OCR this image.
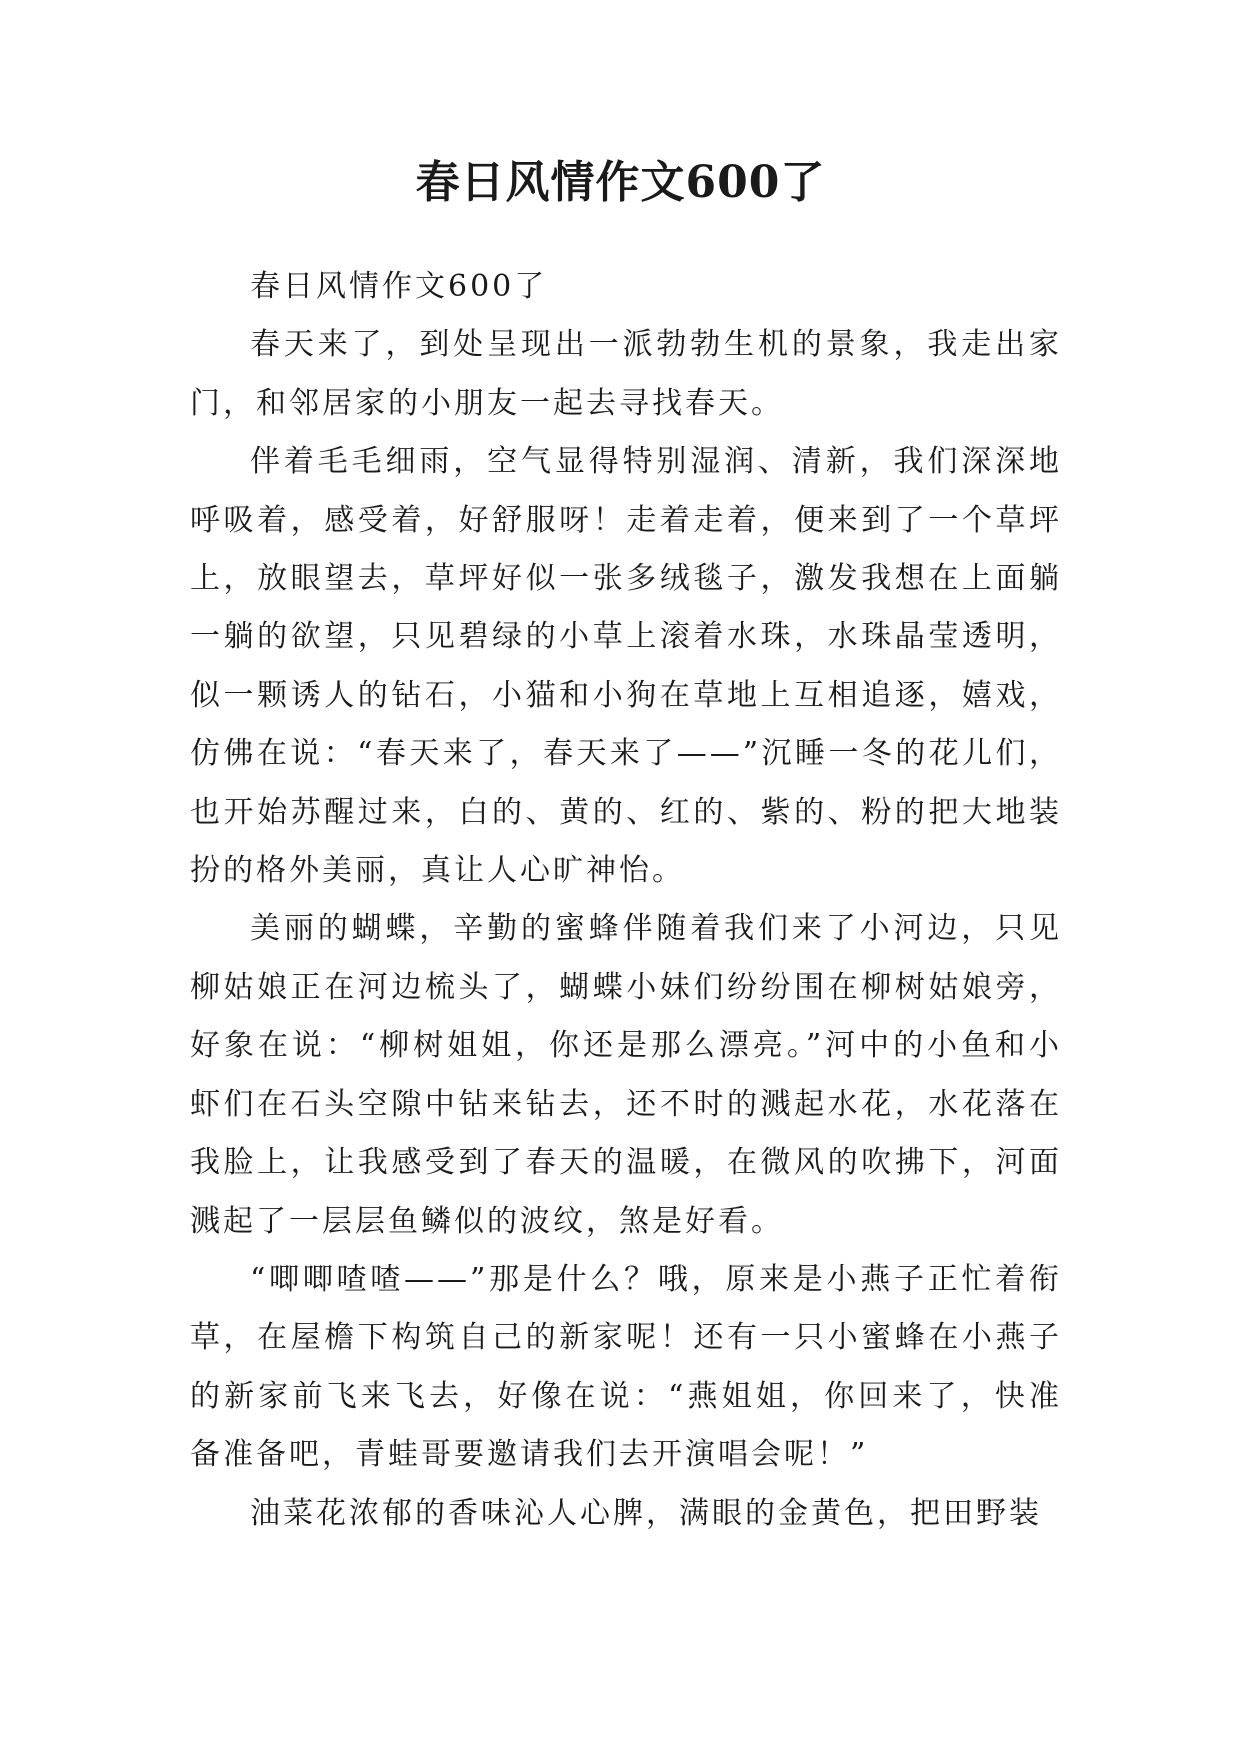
春日风情作文600了

春日风情作文600了

春天来了，到处呈现出一派勃勃生机的景象，我走出家门，和邻居家的小朋友一起去寻找春天。

伴着毛毛细雨，空气显得特别湿润、清新，我们深深地呼吸着，感受着，好舒服呀！走着走着，便来到了一个草坪上，放眼望去，草坪好似一张多绒毯子，激发我想在上面躺一躺的欲望，只见碧绿的小草上滚着水珠，水珠晶莹透明，似一颗诱人的钻石，小猫和小狗在草地上互相追逐，嬉戏，仿佛在说：“春天来了，春天来了——”沉睡一冬的花儿们，也开始苏醒过来，白的、黄的、红的、紫的、粉的把大地装扮的格外美丽，真让人心旷神怡。

美丽的蝴蝶，辛勤的蜜蜂伴随着我们来了小河边，只见柳姑娘正在河边梳头了，蝴蝶小妹们纷纷围在柳树姑娘旁，好象在说：“柳树姐姐，你还是那么漂亮。”河中的小鱼和小虾们在石头空隙中钻来钻去，还不时的溅起水花，水花落在我脸上，让我感受到了春天的温暖，在微风的吹拂下，河面溅起了一层层鱼鳞似的波纹，煞是好看。

“唧唧喳喳——”那是什么？哦，原来是小燕子正忙着衔草，在屋檐下构筑自己的新家呢！还有一只小蜜蜂在小燕子的新家前飞来飞去，好像在说：“燕姐姐，你回来了，快准备准备吧，青蛙哥要邀请我们去开演唱会呢！”

油菜花浓郁的香味沁人心脾，满眼的金黄色，把田野装
